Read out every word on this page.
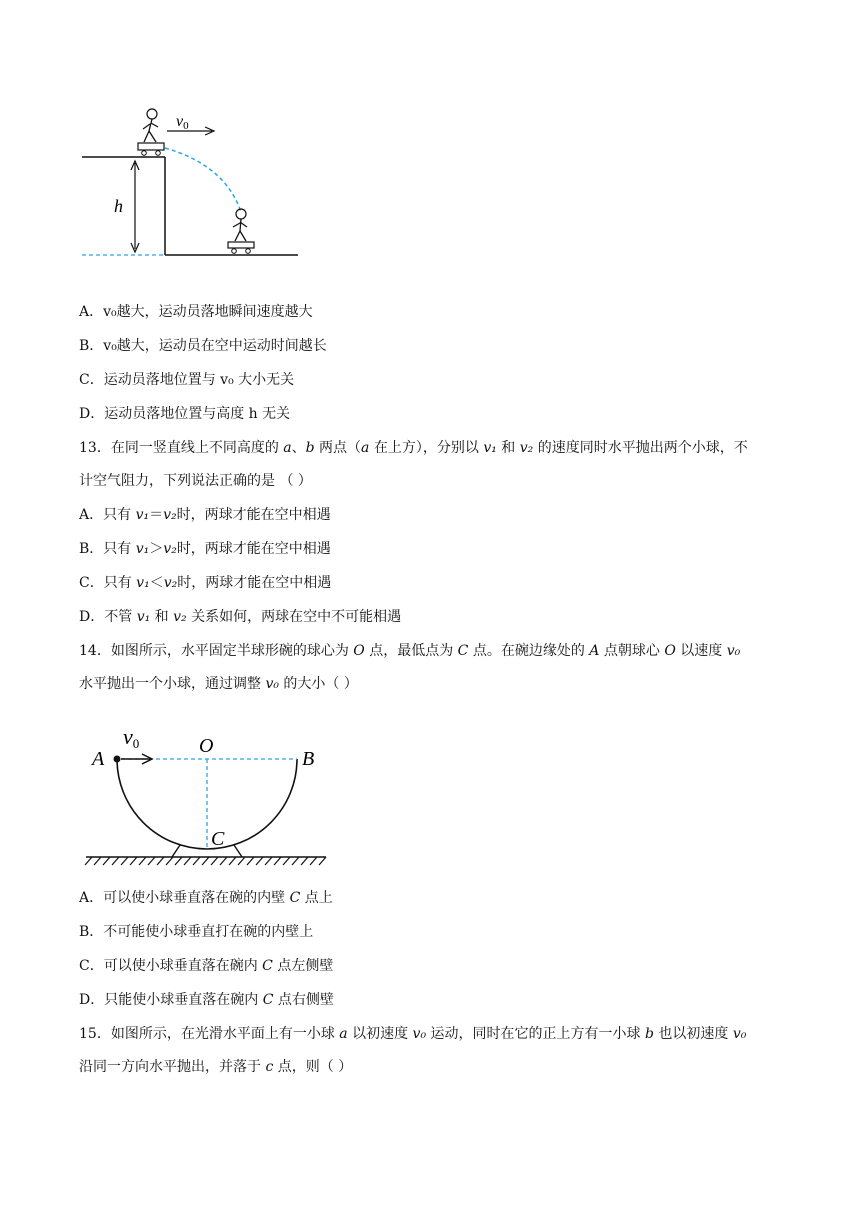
h
v0
A．v₀越大，运动员落地瞬间速度越大
B．v₀越大，运动员在空中运动时间越长
C．运动员落地位置与 v₀ 大小无关
D．运动员落地位置与高度 h 无关
13．在同一竖直线上不同高度的 a、b 两点（a 在上方），分别以 v₁ 和 v₂ 的速度同时水平抛出两个小球，不
计空气阻力，下列说法正确的是 （ ）
A．只有 v₁＝v₂时，两球才能在空中相遇
B．只有 v₁＞v₂时，两球才能在空中相遇
C．只有 v₁＜v₂时，两球才能在空中相遇
D．不管 v₁ 和 v₂ 关系如何，两球在空中不可能相遇
14．如图所示，水平固定半球形碗的球心为 O 点，最低点为 C 点。在碗边缘处的 A 点朝球心 O 以速度 v₀
水平抛出一个小球，通过调整 v₀ 的大小（ ）
v0
A	B
O
C
A．可以使小球垂直落在碗的内壁 C 点上
B．不可能使小球垂直打在碗的内壁上
C．可以使小球垂直落在碗内 C 点左侧壁
D．只能使小球垂直落在碗内 C 点右侧壁
15．如图所示，在光滑水平面上有一小球 a 以初速度 v₀ 运动，同时在它的正上方有一小球 b 也以初速度 v₀
沿同一方向水平抛出，并落于 c 点，则（ ）
